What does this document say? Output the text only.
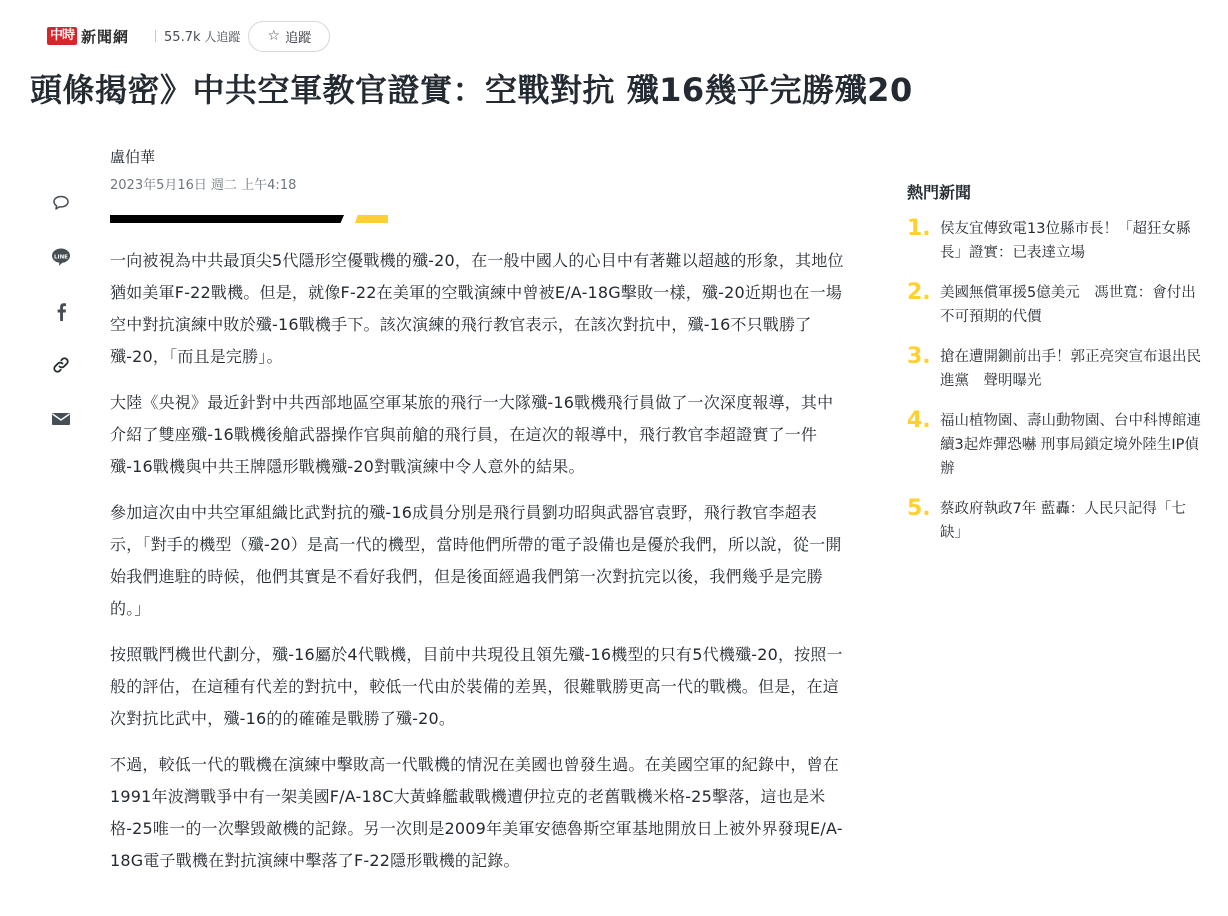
中時 新聞網	55.7k 人追蹤 ☆ 追蹤
頭條揭密》中共空軍教官證實：空戰對抗 殲16幾乎完勝殲20
盧伯華
2023年5月16日 週二 上午4:18
LINE	一向被視為中共最頂尖5代隱形空優戰機的殲-20，在一般中國人的心目中有著難以超越的形象，其地位猶如美軍F-22戰機。但是，就像F-22在美軍的空戰演練中曾被E/A-18G擊敗一樣，殲-20近期也在一場空中對抗演練中敗於殲-16戰機手下。該次演練的飛行教官表示，在該次對抗中，殲-16不只戰勝了殲-20，「而且是完勝」。

大陸《央視》最近針對中共西部地區空軍某旅的飛行一大隊殲-16戰機飛行員做了一次深度報導，其中介紹了雙座殲-16戰機後艙武器操作官與前艙的飛行員，在這次的報導中，飛行教官李超證實了一件殲-16戰機與中共王牌隱形戰機殲-20對戰演練中令人意外的結果。

參加這次由中共空軍組織比武對抗的殲-16成員分別是飛行員劉功昭與武器官袁野，飛行教官李超表示，「對手的機型（殲-20）是高一代的機型，當時他們所帶的電子設備也是優於我們，所以說，從一開始我們進駐的時候，他們其實是不看好我們，但是後面經過我們第一次對抗完以後，我們幾乎是完勝的。」

按照戰鬥機世代劃分，殲-16屬於4代戰機，目前中共現役且領先殲-16機型的只有5代機殲-20，按照一般的評估，在這種有代差的對抗中，較低一代由於裝備的差異，很難戰勝更高一代的戰機。但是，在這次對抗比武中，殲-16的的確確是戰勝了殲-20。

不過，較低一代的戰機在演練中擊敗高一代戰機的情況在美國也曾發生過。在美國空軍的紀錄中，曾在1991年波灣戰爭中有一架美國F/A-18C大黃蜂艦載戰機遭伊拉克的老舊戰機米格-25擊落，這也是米格-25唯一的一次擊毀敵機的記錄。另一次則是2009年美軍安德魯斯空軍基地開放日上被外界發現E/A-18G電子戰機在對抗演練中擊落了F-22隱形戰機的記錄。

熱門新聞
1. 侯友宜傳致電13位縣市長！「超狂女縣長」證實：已表達立場
2. 美國無償軍援5億美元　馮世寬：會付出不可預期的代價
3. 搶在遭開鍘前出手！郭正亮突宣布退出民進黨　聲明曝光
4. 福山植物園、壽山動物園、台中科博館連續3起炸彈恐嚇 刑事局鎖定境外陸生IP偵辦
5. 蔡政府執政7年 藍轟：人民只記得「七缺」
